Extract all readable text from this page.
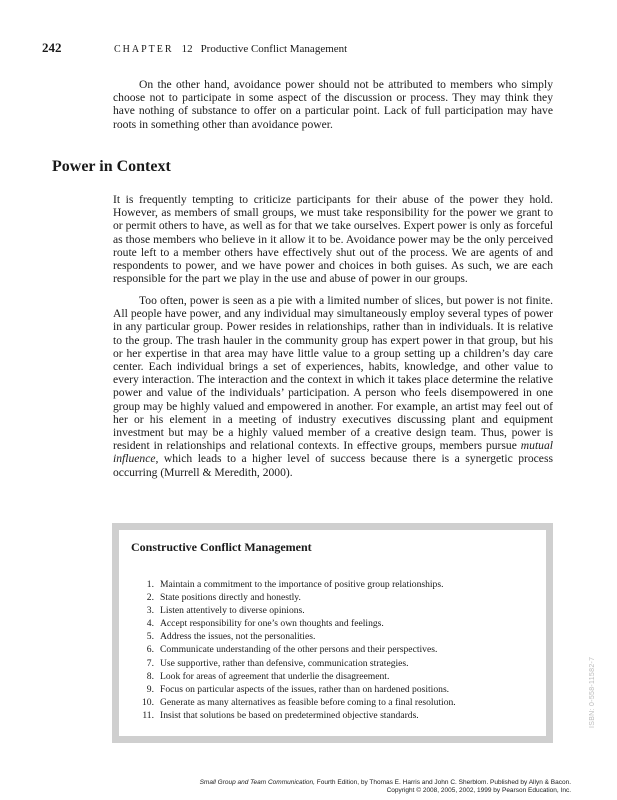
242	CHAPTER 12 Productive Conflict Management

On the other hand, avoidance power should not be attributed to members who simply choose not to participate in some aspect of the discussion or process. They may think they have nothing of substance to offer on a particular point. Lack of full participation may have roots in something other than avoidance power.

Power in Context

It is frequently tempting to criticize participants for their abuse of the power they hold. However, as members of small groups, we must take responsibility for the power we grant to or permit others to have, as well as for that we take ourselves. Expert power is only as forceful as those members who believe in it allow it to be. Avoidance power may be the only perceived route left to a member others have effectively shut out of the process. We are agents of and respondents to power, and we have power and choices in both guises. As such, we are each responsible for the part we play in the use and abuse of power in our groups.

Too often, power is seen as a pie with a limited number of slices, but power is not finite. All people have power, and any individual may simultaneously employ several types of power in any particular group. Power resides in relationships, rather than in individuals. It is relative to the group. The trash hauler in the community group has expert power in that group, but his or her expertise in that area may have little value to a group setting up a children’s day care center. Each individual brings a set of experiences, habits, knowledge, and other value to every interaction. The interaction and the context in which it takes place determine the relative power and value of the individuals’ participation. A person who feels disempowered in one group may be highly valued and empowered in another. For example, an artist may feel out of her or his element in a meeting of industry executives discussing plant and equipment investment but may be a highly valued member of a creative design team. Thus, power is resident in relationships and relational contexts. In effective groups, members pursue mutual influence, which leads to a higher level of success because there is a synergetic process occurring (Murrell & Meredith, 2000).

Constructive Conflict Management
1. Maintain a commitment to the importance of positive group relationships.
2. State positions directly and honestly.
3. Listen attentively to diverse opinions.
4. Accept responsibility for one’s own thoughts and feelings.
5. Address the issues, not the personalities.
6. Communicate understanding of the other persons and their perspectives.
7. Use supportive, rather than defensive, communication strategies.
8. Look for areas of agreement that underlie the disagreement.
9. Focus on particular aspects of the issues, rather than on hardened positions.
10. Generate as many alternatives as feasible before coming to a final resolution.
11. Insist that solutions be based on predetermined objective standards.	ISBN: 0-558-11582-7
Small Group and Team Communication, Fourth Edition, by Thomas E. Harris and John C. Sherblom. Published by Allyn & Bacon.
Copyright © 2008, 2005, 2002, 1999 by Pearson Education, Inc.
